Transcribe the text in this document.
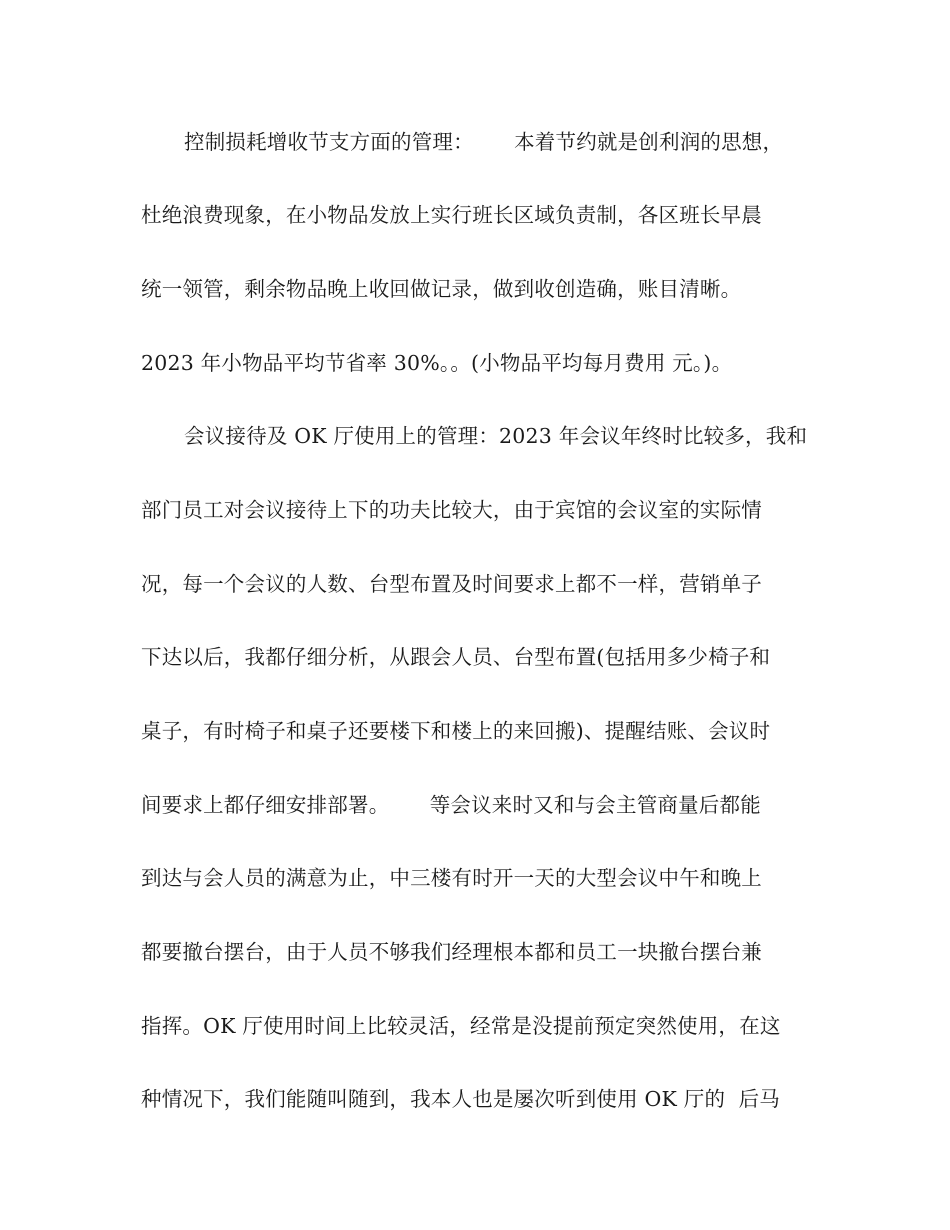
控制损耗增收节支方面的管理：      本着节约就是创利润的思想，
杜绝浪费现象，在小物品发放上实行班长区域负责制，各区班长早晨
统一领管，剩余物品晚上收回做记录，做到收创造确，账目清晰。
2023 年小物品平均节省率 30%。。(小物品平均每月费用 元。)。
会议接待及 OK 厅使用上的管理：2023 年会议年终时比较多，我和
部门员工对会议接待上下的功夫比较大，由于宾馆的会议室的实际情
况，每一个会议的人数、台型布置及时间要求上都不一样，营销单子
下达以后，我都仔细分析，从跟会人员、台型布置(包括用多少椅子和
桌子，有时椅子和桌子还要楼下和楼上的来回搬)、提醒结账、会议时
间要求上都仔细安排部署。      等会议来时又和与会主管商量后都能
到达与会人员的满意为止，中三楼有时开一天的大型会议中午和晚上
都要撤台摆台，由于人员不够我们经理根本都和员工一块撤台摆台兼
指挥。OK 厅使用时间上比较灵活，经常是没提前预定突然使用，在这
种情况下，我们能随叫随到，我本人也是屡次听到使用 OK 厅的  后马
